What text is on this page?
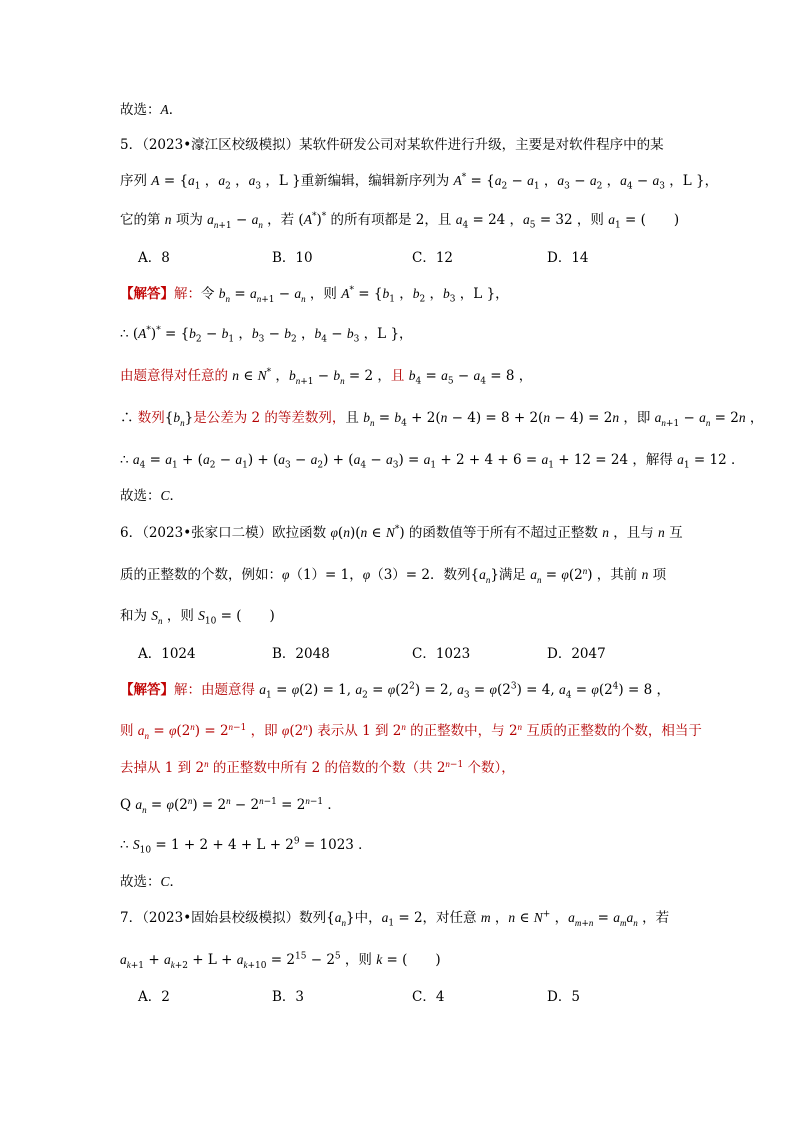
故选：A．
5．（2023•濠江区校级模拟）某软件研发公司对某软件进行升级，主要是对软件程序中的某
序列 $A = \{a_1$ ，$a_2$ ，$a_3$ ，L }重新编辑，编辑新序列为 $A^* = \{a_2 - a_1$ ，$a_3 - a_2$ ，$a_4 - a_3$ ，L }，
它的第 n 项为 $a_{n+1} - a_n$ ，若 (A*)* 的所有项都是 2，且 $a_4 = 24$ ，$a_5 = 32$ ，则 $a_1$ = ( )
A．8	B．10	C．12	D．14
【解答】解：令 $b_n = a_{n+1} - a_n$ ，则 $A^* = \{b_1$ ，$b_2$ ，$b_3$ ，L }，
∴ $(A^*)^* = \{b_2 - b_1$ ，$b_3 - b_2$ ，$b_4 - b_3$ ，L }，
由题意得对任意的 n ∈ N* ，$b_{n+1} - b_n = 2$ ，且 $b_4 = a_5 - a_4 = 8$ ，
∴ 数列$\{b_n\}$是公差为 2 的等差数列，且 $b_n = b_4 + 2(n - 4) = 8 + 2(n - 4) = 2n$ ，即 $a_{n+1} - a_n = 2n$ ，
∴ $a_4 = a_1 + (a_2 - a_1) + (a_3 - a_2) + (a_4 - a_3) = a_1 + 2 + 4 + 6 = a_1 + 12 = 24$ ，解得 $a_1 = 12$ ．
故选：C．
6．（2023•张家口二模）欧拉函数 φ(n)(n ∈ N*) 的函数值等于所有不超过正整数 n ，且与 n 互
质的正整数的个数，例如：φ（1）= 1，φ（3）= 2．数列$\{a_n\}$满足 $a_n = \varphi(2^n)$ ，其前 n 项
和为 $S_n$ ，则 $S_{10}$ = ( )
A．1024	B．2048	C．1023	D．2047
【解答】解：由题意得 $a_1 = \varphi(2) = 1$, $a_2 = \varphi(2^2) = 2$, $a_3 = \varphi(2^3) = 4$, $a_4 = \varphi(2^4) = 8$ ，
则 $a_n = \varphi(2^n) = 2^{n-1}$ ，即 φ(2$^n$) 表示从 1 到 2$^n$ 的正整数中，与 2$^n$ 互质的正整数的个数，相当于
去掉从 1 到 2$^n$ 的正整数中所有 2 的倍数的个数（共 $2^{n-1}$ 个数），
Q $a_n = \varphi(2^n) = 2^n - 2^{n-1} = 2^{n-1}$ ．
∴ $S_{10} = 1 + 2 + 4 + L + 2^9 = 1023$ ．
故选：C．
7．（2023•固始县校级模拟）数列$\{a_n\}$中，$a_1 = 2$，对任意 m ，n ∈ N+ ，$a_{m+n} = a_ma_n$ ，若
$a_{k+1} + a_{k+2} + L + a_{k+10} = 2^{15} - 2^5$ ，则 k = ( )
A．2	B．3	C．4	D．5
